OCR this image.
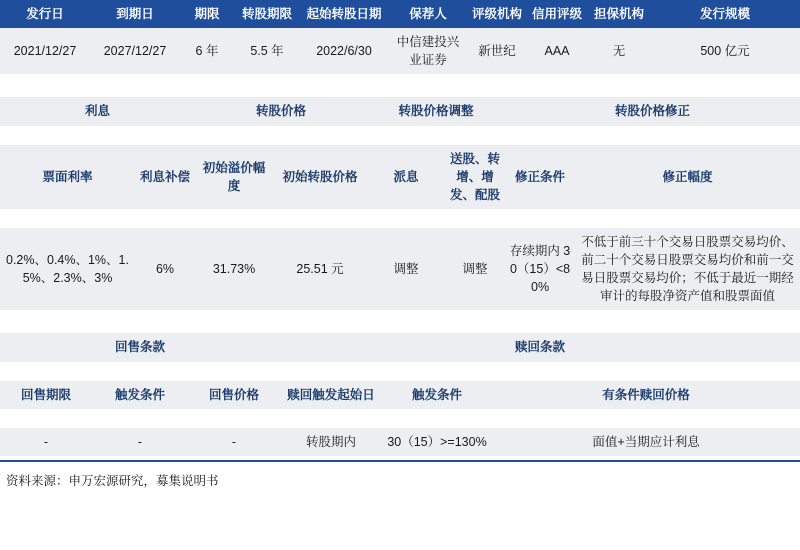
发行日	到期日	期限	转股期限	起始转股日期	保荐人	评级机构	信用评级	担保机构	发行规模
2021/12/27	2027/12/27	6 年	5.5 年	2022/6/30	中信建投兴业证券	新世纪	AAA	无	500 亿元

利息		转股价格		转股价格调整		转股价格修正	

票面利率	利息补偿	初始溢价幅度	初始转股价格	派息	送股、转增、增发、配股	修正条件	修正幅度

0.2%、0.4%、1%、1.5%、2.3%、3%	6%	31.73%	25.51 元	调整	调整	存续期内 30（15）<80%	不低于前三十个交易日股票交易均价、前二十个交易日股票交易均价和前一交易日股票交易均价；不低于最近一期经审计的每股净资产值和股票面值

回售条款			赎回条款		

回售期限	触发条件	回售价格	赎回触发起始日	触发条件	有条件赎回价格

-	-	-	转股期内	30（15）>=130%	面值+当期应计利息
资料来源：申万宏源研究，募集说明书
